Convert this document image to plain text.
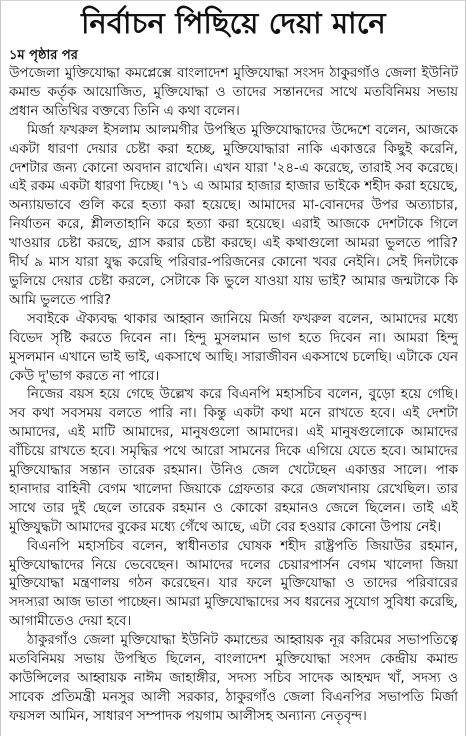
নির্বাচন পিছিয়ে দেয়া মানে
১ম পৃষ্ঠার পর

উপজেলা মুক্তিযোদ্ধা কমপ্লেক্সে বাংলাদেশ মুক্তিযোদ্ধা সংসদ ঠাকুরগাঁও জেলা ইউনিট কমান্ড কর্তৃক আয়োজিত, মুক্তিযোদ্ধা ও তাদের সন্তানদের সাথে মতবিনিময় সভায় প্রধান অতিথির বক্তব্যে তিনি এ কথা বলেন।

মির্জা ফখরুল ইসলাম আলমগীর উপস্থিত মুক্তিযোদ্ধাদের উদ্দেশে বলেন, আজকে একটা ধারণা দেয়ার চেষ্টা করা হচ্ছে, মুক্তিযোদ্ধারা নাকি একাত্তরে কিছুই করেনি, দেশটার জন্য কোনো অবদান রাখেনি। এখন যারা '২৪-এ করেছে, তারাই সব করেছে। এই রকম একটা ধারণা দিচ্ছে। '৭১ এ আমার হাজার হাজার ভাইকে শহীদ করা হয়েছে, অন্যায়ভাবে গুলি করে হত্যা করা হয়েছে। আমাদের মা-বোনদের উপর অত্যাচার, নির্যাতন করে, শ্লীলতাহানি করে হত্যা করা হয়েছে। এরাই আজকে দেশটাকে গিলে খাওয়ার চেষ্টা করছে, গ্রাস করার চেষ্টা করছে। এই কথাগুলো আমরা ভুলতে পারি? দীর্ঘ ৯ মাস যারা যুদ্ধ করেছি পরিবার-পরিজনের কোনো খবর নেইনি। সেই দিনটাকে ভুলিয়ে দেয়ার চেষ্টা করলে, সেটাকে কি ভুলে যাওয়া যায় ভাই? আমার জন্মটাকে কি আমি ভুলতে পারি?

সবাইকে ঐক্যবদ্ধ থাকার আহ্বান জানিয়ে মির্জা ফখরুল বলেন, আমাদের মধ্যে বিভেদ সৃষ্টি করতে দিবেন না। হিন্দু মুসলমান ভাগ হতে দিবেন না। আমরা হিন্দু মুসলমান এখানে ভাই ভাই, একসাথে আছি। সারাজীবন একসাথে চলেছি। এটাকে যেন কেউ দু'ভাগ করতে না পারে।

নিজের বয়স হয়ে গেছে উল্লেখ করে বিএনপি মহাসচিব বলেন, বুড়ো হয়ে গেছি। সব কথা সবসময় বলতে পারি না। কিন্তু একটা কথা মনে রাখতে হবে। এই দেশটা আমাদের, এই মাটি আমাদের, মানুষগুলো আমাদের। এই মানুষগুলোকে আমাদের বাঁচিয়ে রাখতে হবে। সমৃদ্ধির পথে আরো সামনের দিকে এগিয়ে যেতে হবে। আমাদের মুক্তিযোদ্ধার সন্তান তারেক রহমান। উনিও জেল খেটেছেন একাত্তর সালে। পাক হানাদার বাহিনী বেগম খালেদা জিয়াকে গ্রেফতার করে জেলখানায় রেখেছিল। তার সাথে তার দুই ছেলে তারেক রহমান ও কোকো রহমানও জেলে ছিলেন। তাই এই মুক্তিযুদ্ধটা আমাদের বুকের মধ্যে গেঁথে আছে, এটা বের হওয়ার কোনো উপায় নেই।

বিএনপি মহাসচিব বলেন, স্বাধীনতার ঘোষক শহীদ রাষ্ট্রপতি জিয়াউর রহমান, মুক্তিযোদ্ধাদের নিয়ে ভেবেছেন। আমাদের দলের চেয়ারপার্সন বেগম খালেদা জিয়া মুক্তিযোদ্ধা মন্ত্রণালয় গঠন করেছেন। যার ফলে মুক্তিযোদ্ধা ও তাদের পরিবারের সদস্যরা আজ ভাতা পাচ্ছেন। আমরা মুক্তিযোদ্ধাদের সব ধরনের সুযোগ সুবিধা করেছি, আগামীতেও দেয়া হবে।

ঠাকুরগাঁও জেলা মুক্তিযোদ্ধা ইউনিট কমান্ডের আহ্বায়ক নূর করিমের সভাপতিত্বে মতবিনিময় সভায় উপস্থিত ছিলেন, বাংলাদেশ মুক্তিযোদ্ধা সংসদ কেন্দ্রীয় কমান্ড কাউন্সিলের আহ্বায়ক নাঈম জাহাঙ্গীর, সদস্য সচিব সাদেক আহম্মদ খাঁ, সদস্য ও সাবেক প্রতিমন্ত্রী মনসুর আলী সরকার, ঠাকুরগাঁও জেলা বিএনপির সভাপতি মির্জা ফয়সল আমিন, সাধারণ সম্পাদক পয়গাম আলীসহ অন্যান্য নেতৃবৃন্দ।
